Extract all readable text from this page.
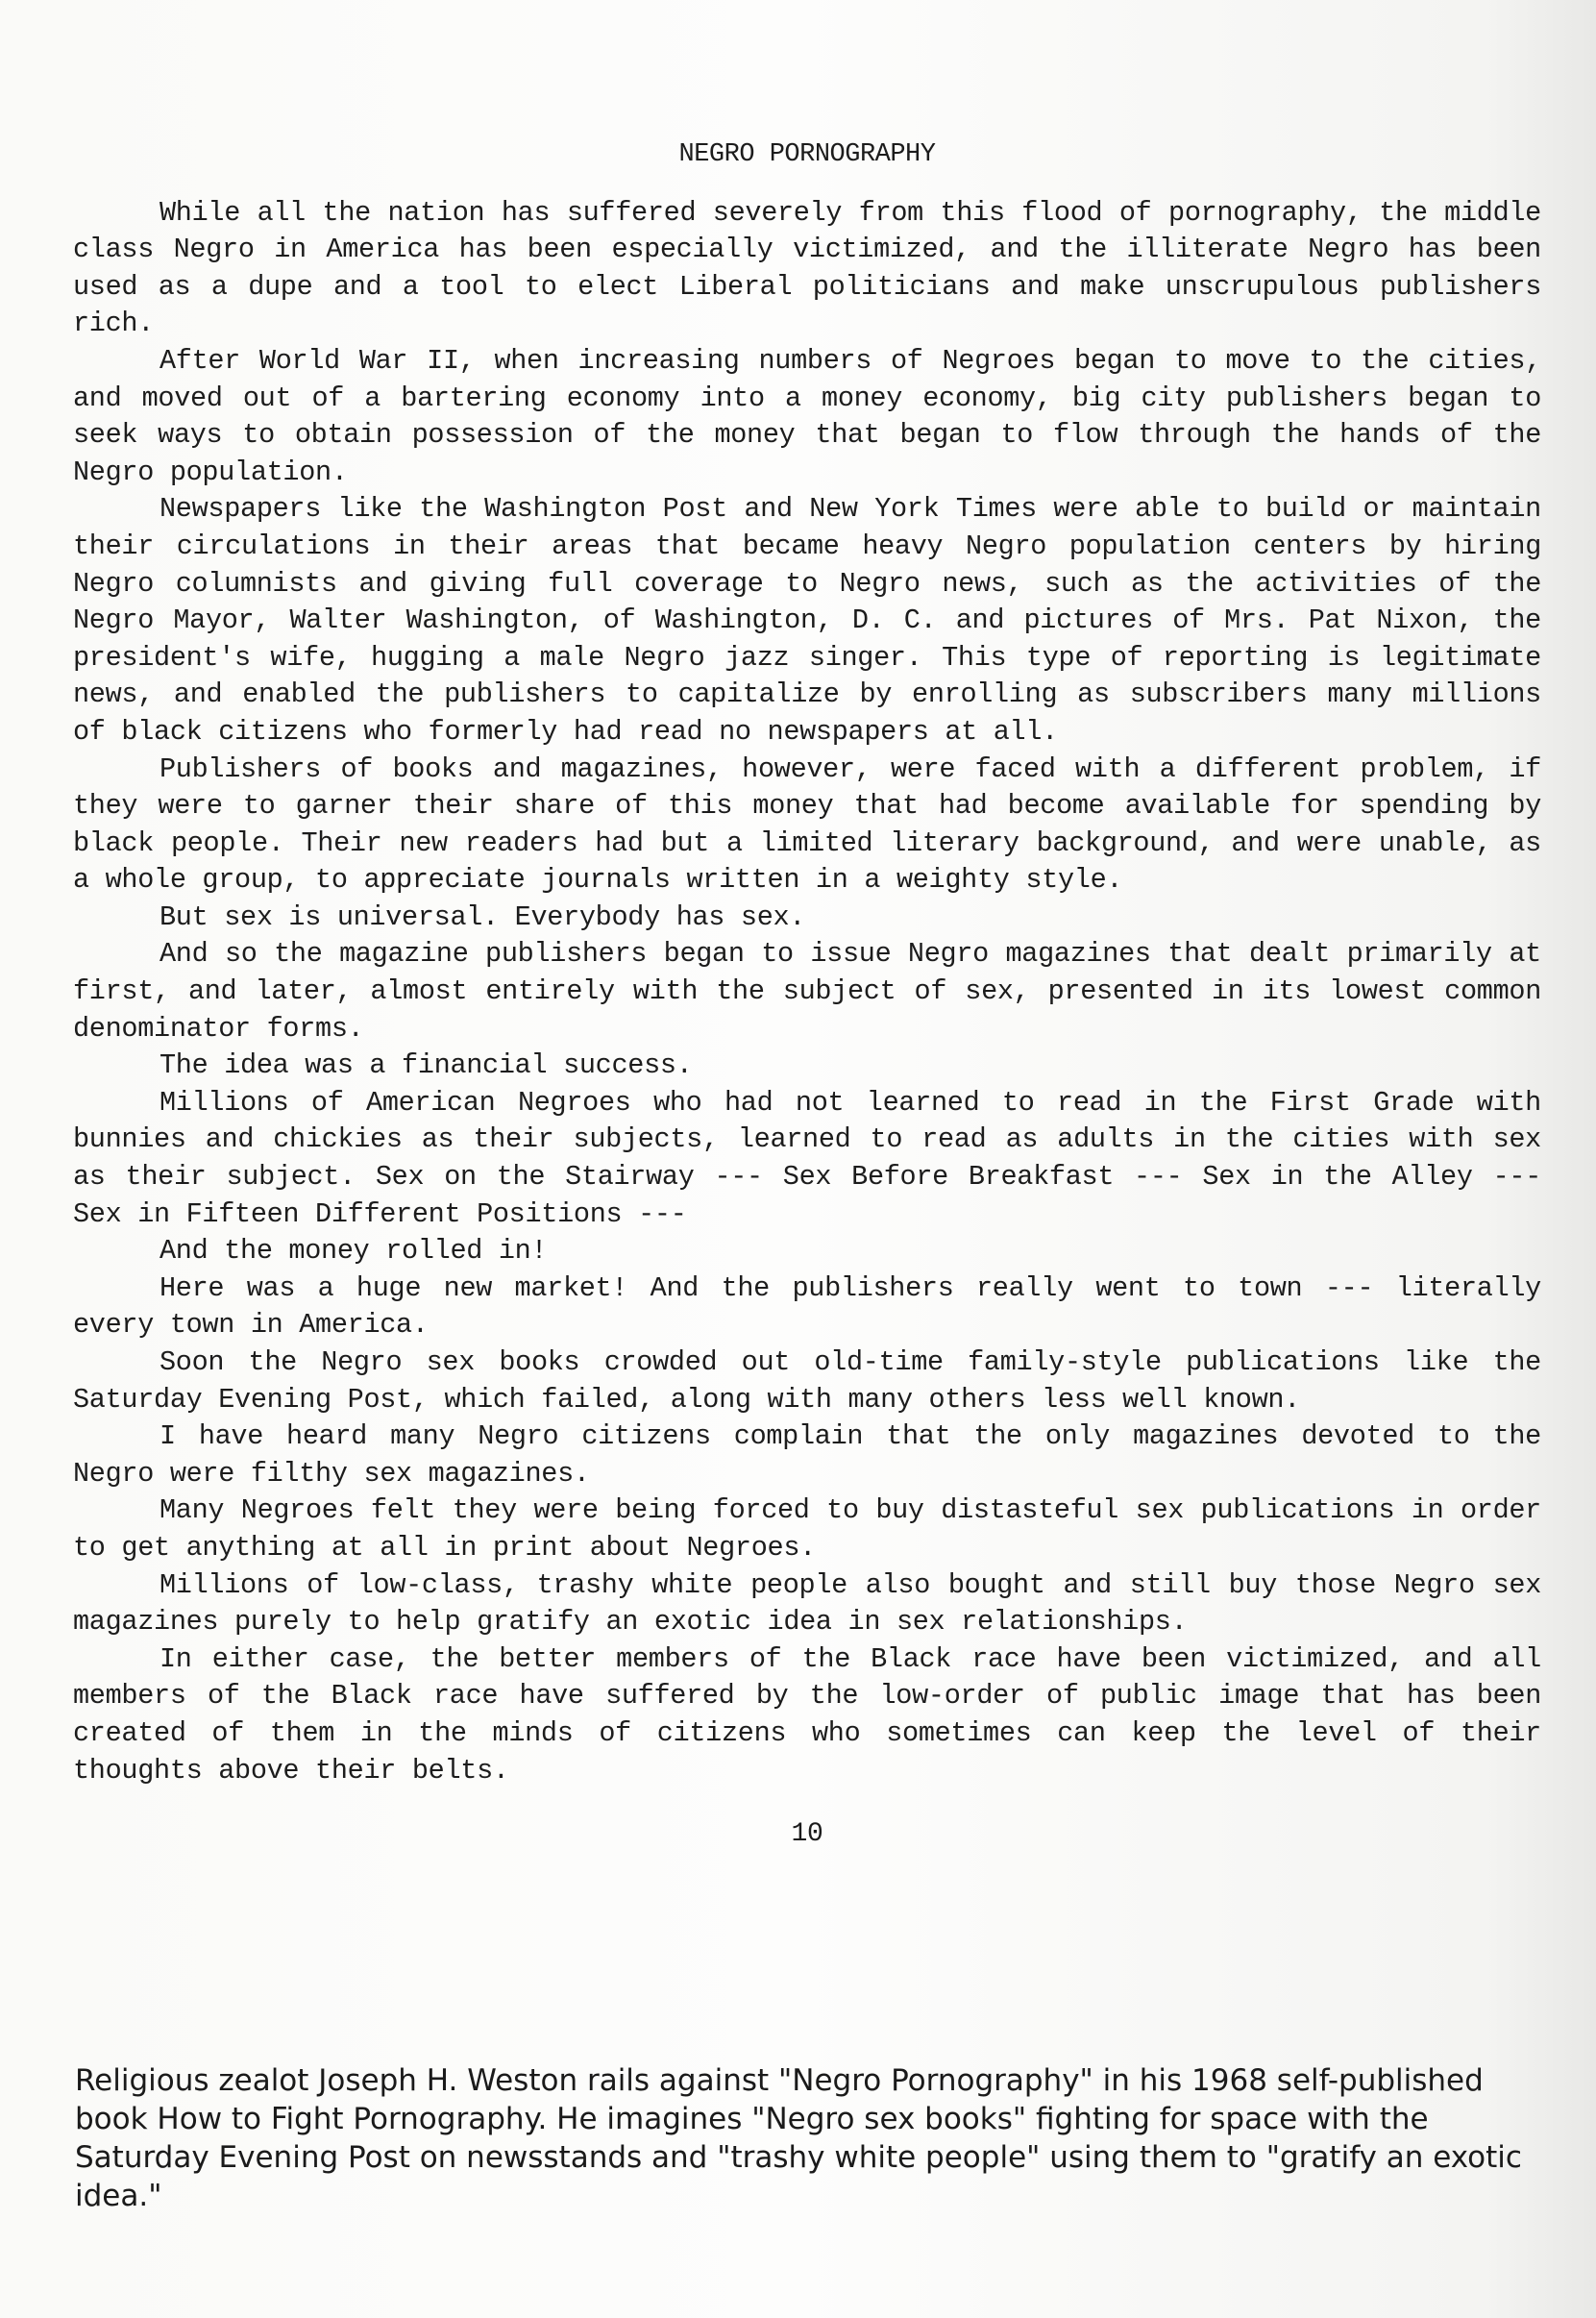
NEGRO PORNOGRAPHY

While all the nation has suffered severely from this flood of pornography, the middle class Negro in America has been especially victimized, and the illiterate Negro has been used as a dupe and a tool to elect Liberal politicians and make unscrupulous publishers rich.

After World War II, when increasing numbers of Negroes began to move to the cities, and moved out of a bartering economy into a money economy, big city publishers began to seek ways to obtain possession of the money that began to flow through the hands of the Negro population.

Newspapers like the Washington Post and New York Times were able to build or maintain their circulations in their areas that became heavy Negro population centers by hiring Negro columnists and giving full coverage to Negro news, such as the activities of the Negro Mayor, Walter Washington, of Washington, D. C. and pictures of Mrs. Pat Nixon, the president's wife, hugging a male Negro jazz singer. This type of reporting is legitimate news, and enabled the publishers to capitalize by enrolling as subscribers many millions of black citizens who formerly had read no newspapers at all.

Publishers of books and magazines, however, were faced with a different problem, if they were to garner their share of this money that had become available for spending by black people. Their new readers had but a limited literary background, and were unable, as a whole group, to appreciate journals written in a weighty style.

But sex is universal. Everybody has sex.

And so the magazine publishers began to issue Negro magazines that dealt primarily at first, and later, almost entirely with the subject of sex, presented in its lowest common denominator forms.

The idea was a financial success.

Millions of American Negroes who had not learned to read in the First Grade with bunnies and chickies as their subjects, learned to read as adults in the cities with sex as their subject. Sex on the Stairway --- Sex Before Breakfast --- Sex in the Alley --- Sex in Fifteen Different Positions ---

And the money rolled in!

Here was a huge new market! And the publishers really went to town --- literally every town in America.

Soon the Negro sex books crowded out old-time family-style publications like the Saturday Evening Post, which failed, along with many others less well known.

I have heard many Negro citizens complain that the only magazines devoted to the Negro were filthy sex magazines.

Many Negroes felt they were being forced to buy distasteful sex publications in order to get anything at all in print about Negroes.

Millions of low-class, trashy white people also bought and still buy those Negro sex magazines purely to help gratify an exotic idea in sex relationships.

In either case, the better members of the Black race have been victimized, and all members of the Black race have suffered by the low-order of public image that has been created of them in the minds of citizens who sometimes can keep the level of their thoughts above their belts.

10
Religious zealot Joseph H. Weston rails against "Negro Pornography" in his 1968 self-published book How to Fight Pornography. He imagines "Negro sex books" fighting for space with the Saturday Evening Post on newsstands and "trashy white people" using them to "gratify an exotic idea."
